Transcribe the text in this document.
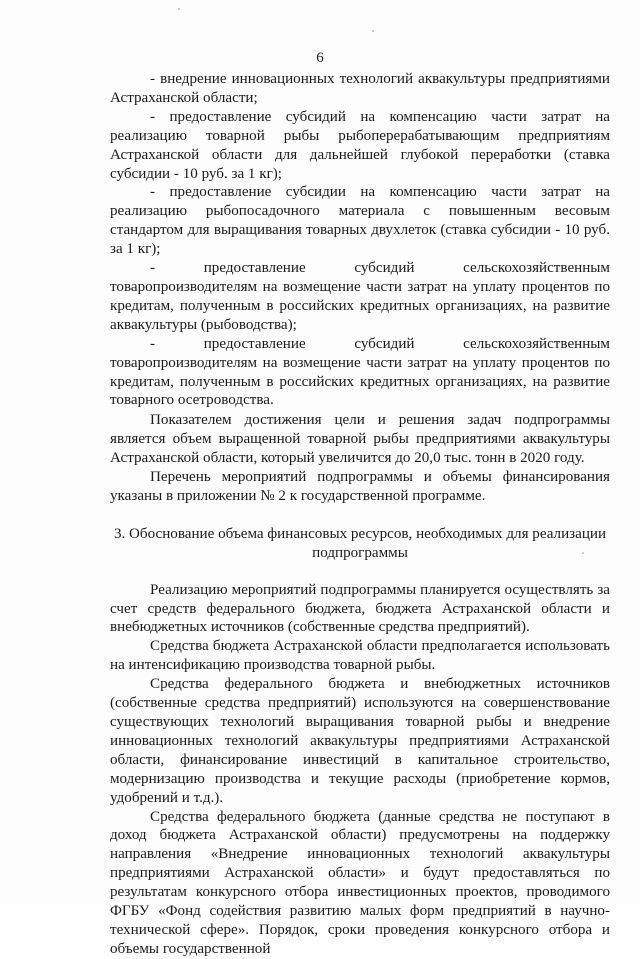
6

- внедрение инновационных технологий аквакультуры предприятиями Астраханской области;

- предоставление субсидий на компенсацию части затрат на реализацию товарной рыбы рыбоперерабатывающим предприятиям Астраханской области для дальнейшей глубокой переработки (ставка субсидии - 10 руб. за 1 кг);

- предоставление субсидии на компенсацию части затрат на реализацию рыбопосадочного материала с повышенным весовым стандартом для выращивания товарных двухлеток (ставка субсидии - 10 руб. за 1 кг);

- предоставление субсидий сельскохозяйственным товаропроизводителям на возмещение части затрат на уплату процентов по кредитам, полученным в российских кредитных организациях, на развитие аквакультуры (рыбоводства);

- предоставление субсидий сельскохозяйственным товаропроизводителям на возмещение части затрат на уплату процентов по кредитам, полученным в российских кредитных организациях, на развитие товарного осетроводства.

Показателем достижения цели и решения задач подпрограммы является объем выращенной товарной рыбы предприятиями аквакультуры Астраханской области, который увеличится до 20,0 тыс. тонн в 2020 году.

Перечень мероприятий подпрограммы и объемы финансирования указаны в приложении № 2 к государственной программе.

3. Обоснование объема финансовых ресурсов, необходимых для реализации подпрограммы

Реализацию мероприятий подпрограммы планируется осуществлять за счет средств федерального бюджета, бюджета Астраханской области и внебюджетных источников (собственные средства предприятий).

Средства бюджета Астраханской области предполагается использовать на интенсификацию производства товарной рыбы.

Средства федерального бюджета и внебюджетных источников (собственные средства предприятий) используются на совершенствование существующих технологий выращивания товарной рыбы и внедрение инновационных технологий аквакультуры предприятиями Астраханской области, финансирование инвестиций в капитальное строительство, модернизацию производства и текущие расходы (приобретение кормов, удобрений и т.д.).

Средства федерального бюджета (данные средства не поступают в доход бюджета Астраханской области) предусмотрены на поддержку направления «Внедрение инновационных технологий аквакультуры предприятиями Астраханской области» и будут предоставляться по результатам конкурсного отбора инвестиционных проектов, проводимого ФГБУ «Фонд содействия развитию малых форм предприятий в научно-технической сфере». Порядок, сроки проведения конкурсного отбора и объемы государственной
